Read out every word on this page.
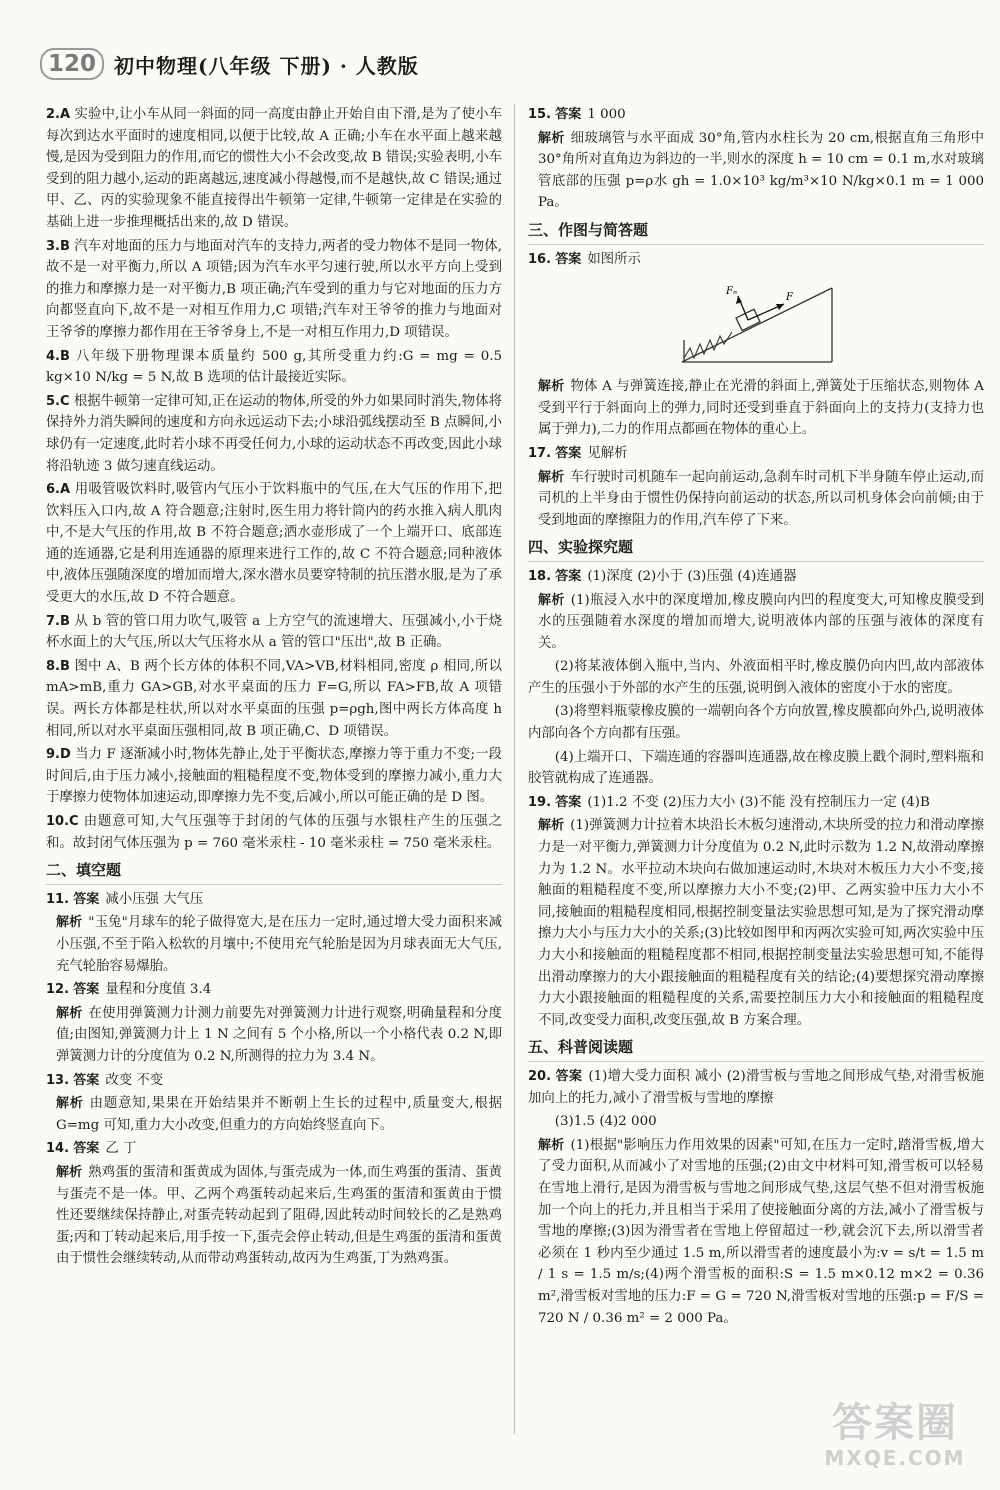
120 初中物理(八年级 下册) · 人教版
2.A 实验中,让小车从同一斜面的同一高度由静止开始自由下滑,是为了使小车每次到达水平面时的速度相同,以便于比较,故 A 正确;小车在水平面上越来越慢,是因为受到阻力的作用,而它的惯性大小不会改变,故 B 错误;实验表明,小车受到的阻力越小,运动的距离越远,速度减小得越慢,而不是越快,故 C 错误;通过甲、乙、丙的实验现象不能直接得出牛顿第一定律,牛顿第一定律是在实验的基础上进一步推理概括出来的,故 D 错误。
3.B 汽车对地面的压力与地面对汽车的支持力,两者的受力物体不是同一物体,故不是一对平衡力,所以 A 项错;因为汽车水平匀速行驶,所以水平方向上受到的推力和摩擦力是一对平衡力,B 项正确;汽车受到的重力与它对地面的压力方向都竖直向下,故不是一对相互作用力,C 项错;汽车对王爷爷的推力与地面对王爷爷的摩擦力都作用在王爷爷身上,不是一对相互作用力,D 项错误。
4.B 八年级下册物理课本质量约 500 g,其所受重力约:G = mg = 0.5 kg×10 N/kg = 5 N,故 B 选项的估计最接近实际。
5.C 根据牛顿第一定律可知,正在运动的物体,所受的外力如果同时消失,物体将保持外力消失瞬间的速度和方向永远运动下去;小球沿弧线摆动至 B 点瞬间,小球仍有一定速度,此时若小球不再受任何力,小球的运动状态不再改变,因此小球将沿轨迹 3 做匀速直线运动。
6.A 用吸管吸饮料时,吸管内气压小于饮料瓶中的气压,在大气压的作用下,把饮料压入口内,故 A 符合题意;注射时,医生用力将针筒内的药水推入病人肌肉中,不是大气压的作用,故 B 不符合题意;洒水壶形成了一个上端开口、底部连通的连通器,它是利用连通器的原理来进行工作的,故 C 不符合题意;同种液体中,液体压强随深度的增加而增大,深水潜水员要穿特制的抗压潜水服,是为了承受更大的水压,故 D 不符合题意。
7.B 从 b 管的管口用力吹气,吸管 a 上方空气的流速增大、压强减小,小于烧杯水面上的大气压,所以大气压将水从 a 管的管口"压出",故 B 正确。
8.B 图中 A、B 两个长方体的体积不同,VA>VB,材料相同,密度 ρ 相同,所以 mA>mB,重力 GA>GB,对水平桌面的压力 F=G,所以 FA>FB,故 A 项错误。两长方体都是柱状,所以对水平桌面的压强 p=ρgh,图中两长方体高度 h 相同,所以对水平桌面压强相同,故 B 项正确,C、D 项错误。
9.D 当力 F 逐渐减小时,物体先静止,处于平衡状态,摩擦力等于重力不变;一段时间后,由于压力减小,接触面的粗糙程度不变,物体受到的摩擦力减小,重力大于摩擦力使物体加速运动,即摩擦力先不变,后减小,所以可能正确的是 D 图。
10.C 由题意可知,大气压强等于封闭的气体的压强与水银柱产生的压强之和。故封闭气体压强为 p = 760 毫米汞柱 - 10 毫米汞柱 = 750 毫米汞柱。
二、填空题
11. 答案 减小压强 大气压
解析 "玉兔"月球车的轮子做得宽大,是在压力一定时,通过增大受力面积来减小压强,不至于陷入松软的月壤中;不使用充气轮胎是因为月球表面无大气压,充气轮胎容易爆胎。
12. 答案 量程和分度值 3.4
解析 在使用弹簧测力计测力前要先对弹簧测力计进行观察,明确量程和分度值;由图知,弹簧测力计上 1 N 之间有 5 个小格,所以一个小格代表 0.2 N,即弹簧测力计的分度值为 0.2 N,所测得的拉力为 3.4 N。
13. 答案 改变 不变
解析 由题意知,果果在开始结果并不断朝上生长的过程中,质量变大,根据 G=mg 可知,重力大小改变,但重力的方向始终竖直向下。
14. 答案 乙 丁
解析 熟鸡蛋的蛋清和蛋黄成为固体,与蛋壳成为一体,而生鸡蛋的蛋清、蛋黄与蛋壳不是一体。甲、乙两个鸡蛋转动起来后,生鸡蛋的蛋清和蛋黄由于惯性还要继续保持静止,对蛋壳转动起到了阻碍,因此转动时间较长的乙是熟鸡蛋;丙和丁转动起来后,用手按一下,蛋壳会停止转动,但是生鸡蛋的蛋清和蛋黄由于惯性会继续转动,从而带动鸡蛋转动,故丙为生鸡蛋,丁为熟鸡蛋。
15. 答案 1 000
解析 细玻璃管与水平面成 30°角,管内水柱长为 20 cm,根据直角三角形中 30°角所对直角边为斜边的一半,则水的深度 h = 10 cm = 0.1 m,水对玻璃管底部的压强 p=ρ水 gh = 1.0×10³ kg/m³×10 N/kg×0.1 m = 1 000 Pa。
三、作图与简答题
16. 答案 如图所示
F
Fₙ
解析 物体 A 与弹簧连接,静止在光滑的斜面上,弹簧处于压缩状态,则物体 A 受到平行于斜面向上的弹力,同时还受到垂直于斜面向上的支持力(支持力也属于弹力),二力的作用点都画在物体的重心上。
17. 答案 见解析
解析 车行驶时司机随车一起向前运动,急刹车时司机下半身随车停止运动,而司机的上半身由于惯性仍保持向前运动的状态,所以司机身体会向前倾;由于受到地面的摩擦阻力的作用,汽车停了下来。
四、实验探究题
18. 答案 (1)深度 (2)小于 (3)压强 (4)连通器
解析 (1)瓶浸入水中的深度增加,橡皮膜向内凹的程度变大,可知橡皮膜受到水的压强随着水深度的增加而增大,说明液体内部的压强与液体的深度有关。
(2)将某液体倒入瓶中,当内、外液面相平时,橡皮膜仍向内凹,故内部液体产生的压强小于外部的水产生的压强,说明倒入液体的密度小于水的密度。
(3)将塑料瓶蒙橡皮膜的一端朝向各个方向放置,橡皮膜都向外凸,说明液体内部向各个方向都有压强。
(4)上端开口、下端连通的容器叫连通器,故在橡皮膜上戳个洞时,塑料瓶和胶管就构成了连通器。
19. 答案 (1)1.2 不变 (2)压力大小 (3)不能 没有控制压力一定 (4)B
解析 (1)弹簧测力计拉着木块沿长木板匀速滑动,木块所受的拉力和滑动摩擦力是一对平衡力,弹簧测力计分度值为 0.2 N,此时示数为 1.2 N,故滑动摩擦力为 1.2 N。水平拉动木块向右做加速运动时,木块对木板压力大小不变,接触面的粗糙程度不变,所以摩擦力大小不变;(2)甲、乙两实验中压力大小不同,接触面的粗糙程度相同,根据控制变量法实验思想可知,是为了探究滑动摩擦力大小与压力大小的关系;(3)比较如图甲和丙两次实验可知,两次实验中压力大小和接触面的粗糙程度都不相同,根据控制变量法实验思想可知,不能得出滑动摩擦力的大小跟接触面的粗糙程度有关的结论;(4)要想探究滑动摩擦力大小跟接触面的粗糙程度的关系,需要控制压力大小和接触面的粗糙程度不同,改变受力面积,改变压强,故 B 方案合理。
五、科普阅读题
20. 答案 (1)增大受力面积 减小 (2)滑雪板与雪地之间形成气垫,对滑雪板施加向上的托力,减小了滑雪板与雪地的摩擦
(3)1.5 (4)2 000
解析 (1)根据"影响压力作用效果的因素"可知,在压力一定时,踏滑雪板,增大了受力面积,从而减小了对雪地的压强;(2)由文中材料可知,滑雪板可以轻易在雪地上滑行,是因为滑雪板与雪地之间形成气垫,这层气垫不但对滑雪板施加一个向上的托力,并且相当于采用了使接触面分离的方法,减小了滑雪板与雪地的摩擦;(3)因为滑雪者在雪地上停留超过一秒,就会沉下去,所以滑雪者必须在 1 秒内至少通过 1.5 m,所以滑雪者的速度最小为:v = s/t = 1.5 m / 1 s = 1.5 m/s;(4)两个滑雪板的面积:S = 1.5 m×0.12 m×2 = 0.36 m²,滑雪板对雪地的压力:F = G = 720 N,滑雪板对雪地的压强:p = F/S = 720 N / 0.36 m² = 2 000 Pa。
答案圈
MXQE.COM
